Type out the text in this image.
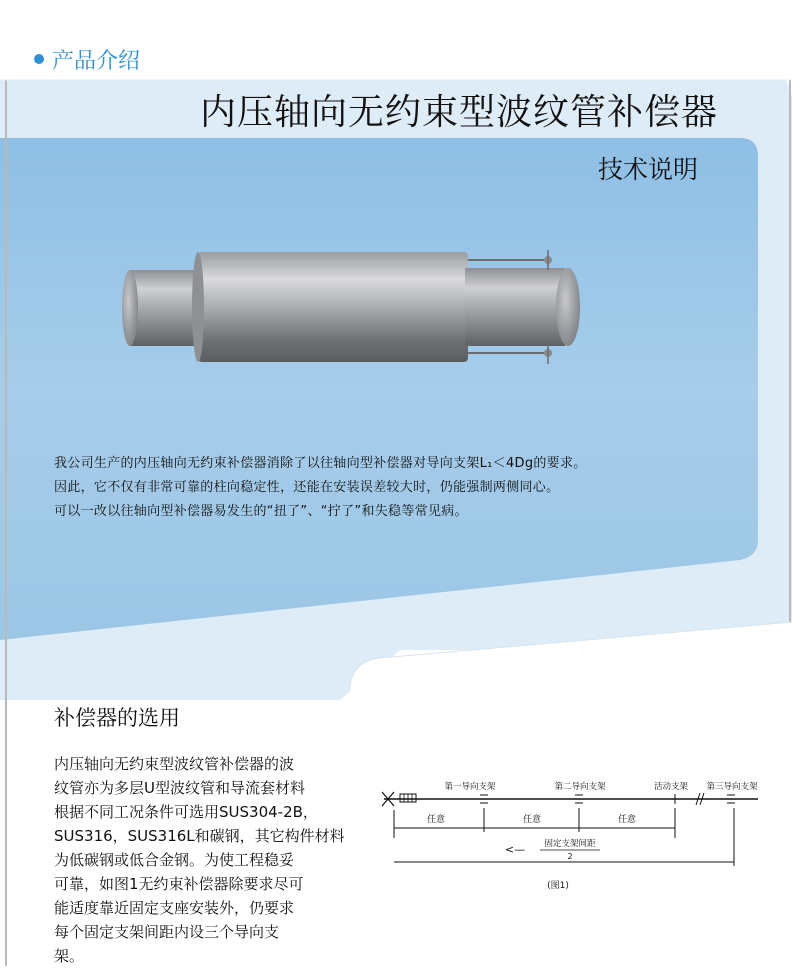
产品介绍
内压轴向无约束型波纹管补偿器
技术说明
我公司生产的内压轴向无约束补偿器消除了以往轴向型补偿器对导向支架L₁＜4Dg的要求。
因此，它不仅有非常可靠的柱向稳定性，还能在安装误差较大时，仍能强制两侧同心。
可以一改以往轴向型补偿器易发生的“扭了”、“拧了”和失稳等常见病。
补偿器的选用
内压轴向无约束型波纹管补偿器的波
纹管亦为多层U型波纹管和导流套材料
根据不同工况条件可选用SUS304-2B，
SUS316，SUS316L和碳钢，其它构件材料
为低碳钢或低合金钢。为使工程稳妥
可靠，如图1无约束补偿器除要求尽可
能适度靠近固定支座安装外，仍要求
每个固定支架间距内设三个导向支
架。
第一导向支架	第二导向支架	活动支架 第三导向支架
任意	任意	任意
<— 固定支架间距
2
(图1)
